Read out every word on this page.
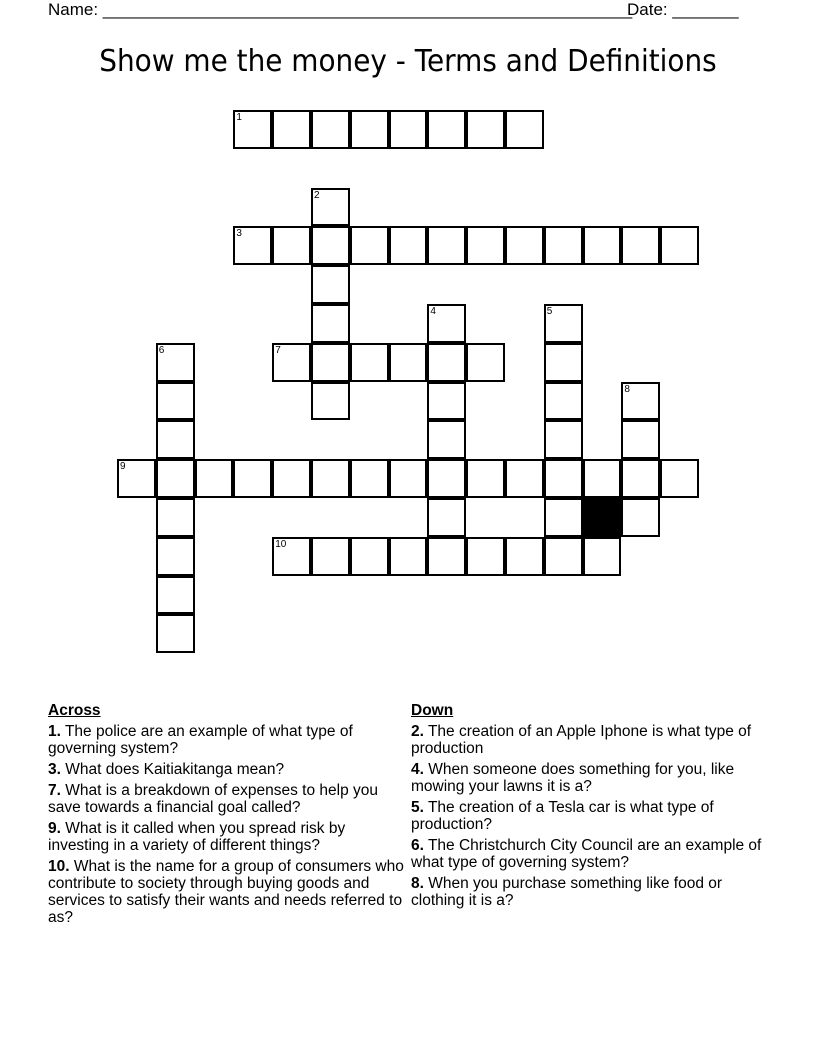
Name: ________________________________________________________
Date: _______
Show me the money - Terms and Definitions
1
2
3
4	5
6	7
8
9
10
Across
1. The police are an example of what type of governing system?
3. What does Kaitiakitanga mean?
7. What is a breakdown of expenses to help you save towards a financial goal called?
9. What is it called when you spread risk by investing in a variety of different things?
10. What is the name for a group of consumers who contribute to society through buying goods and services to satisfy their wants and needs referred to as?
Down
2. The creation of an Apple Iphone is what type of production
4. When someone does something for you, like mowing your lawns it is a?
5. The creation of a Tesla car is what type of production?
6. The Christchurch City Council are an example of what type of governing system?
8. When you purchase something like food or clothing it is a?
